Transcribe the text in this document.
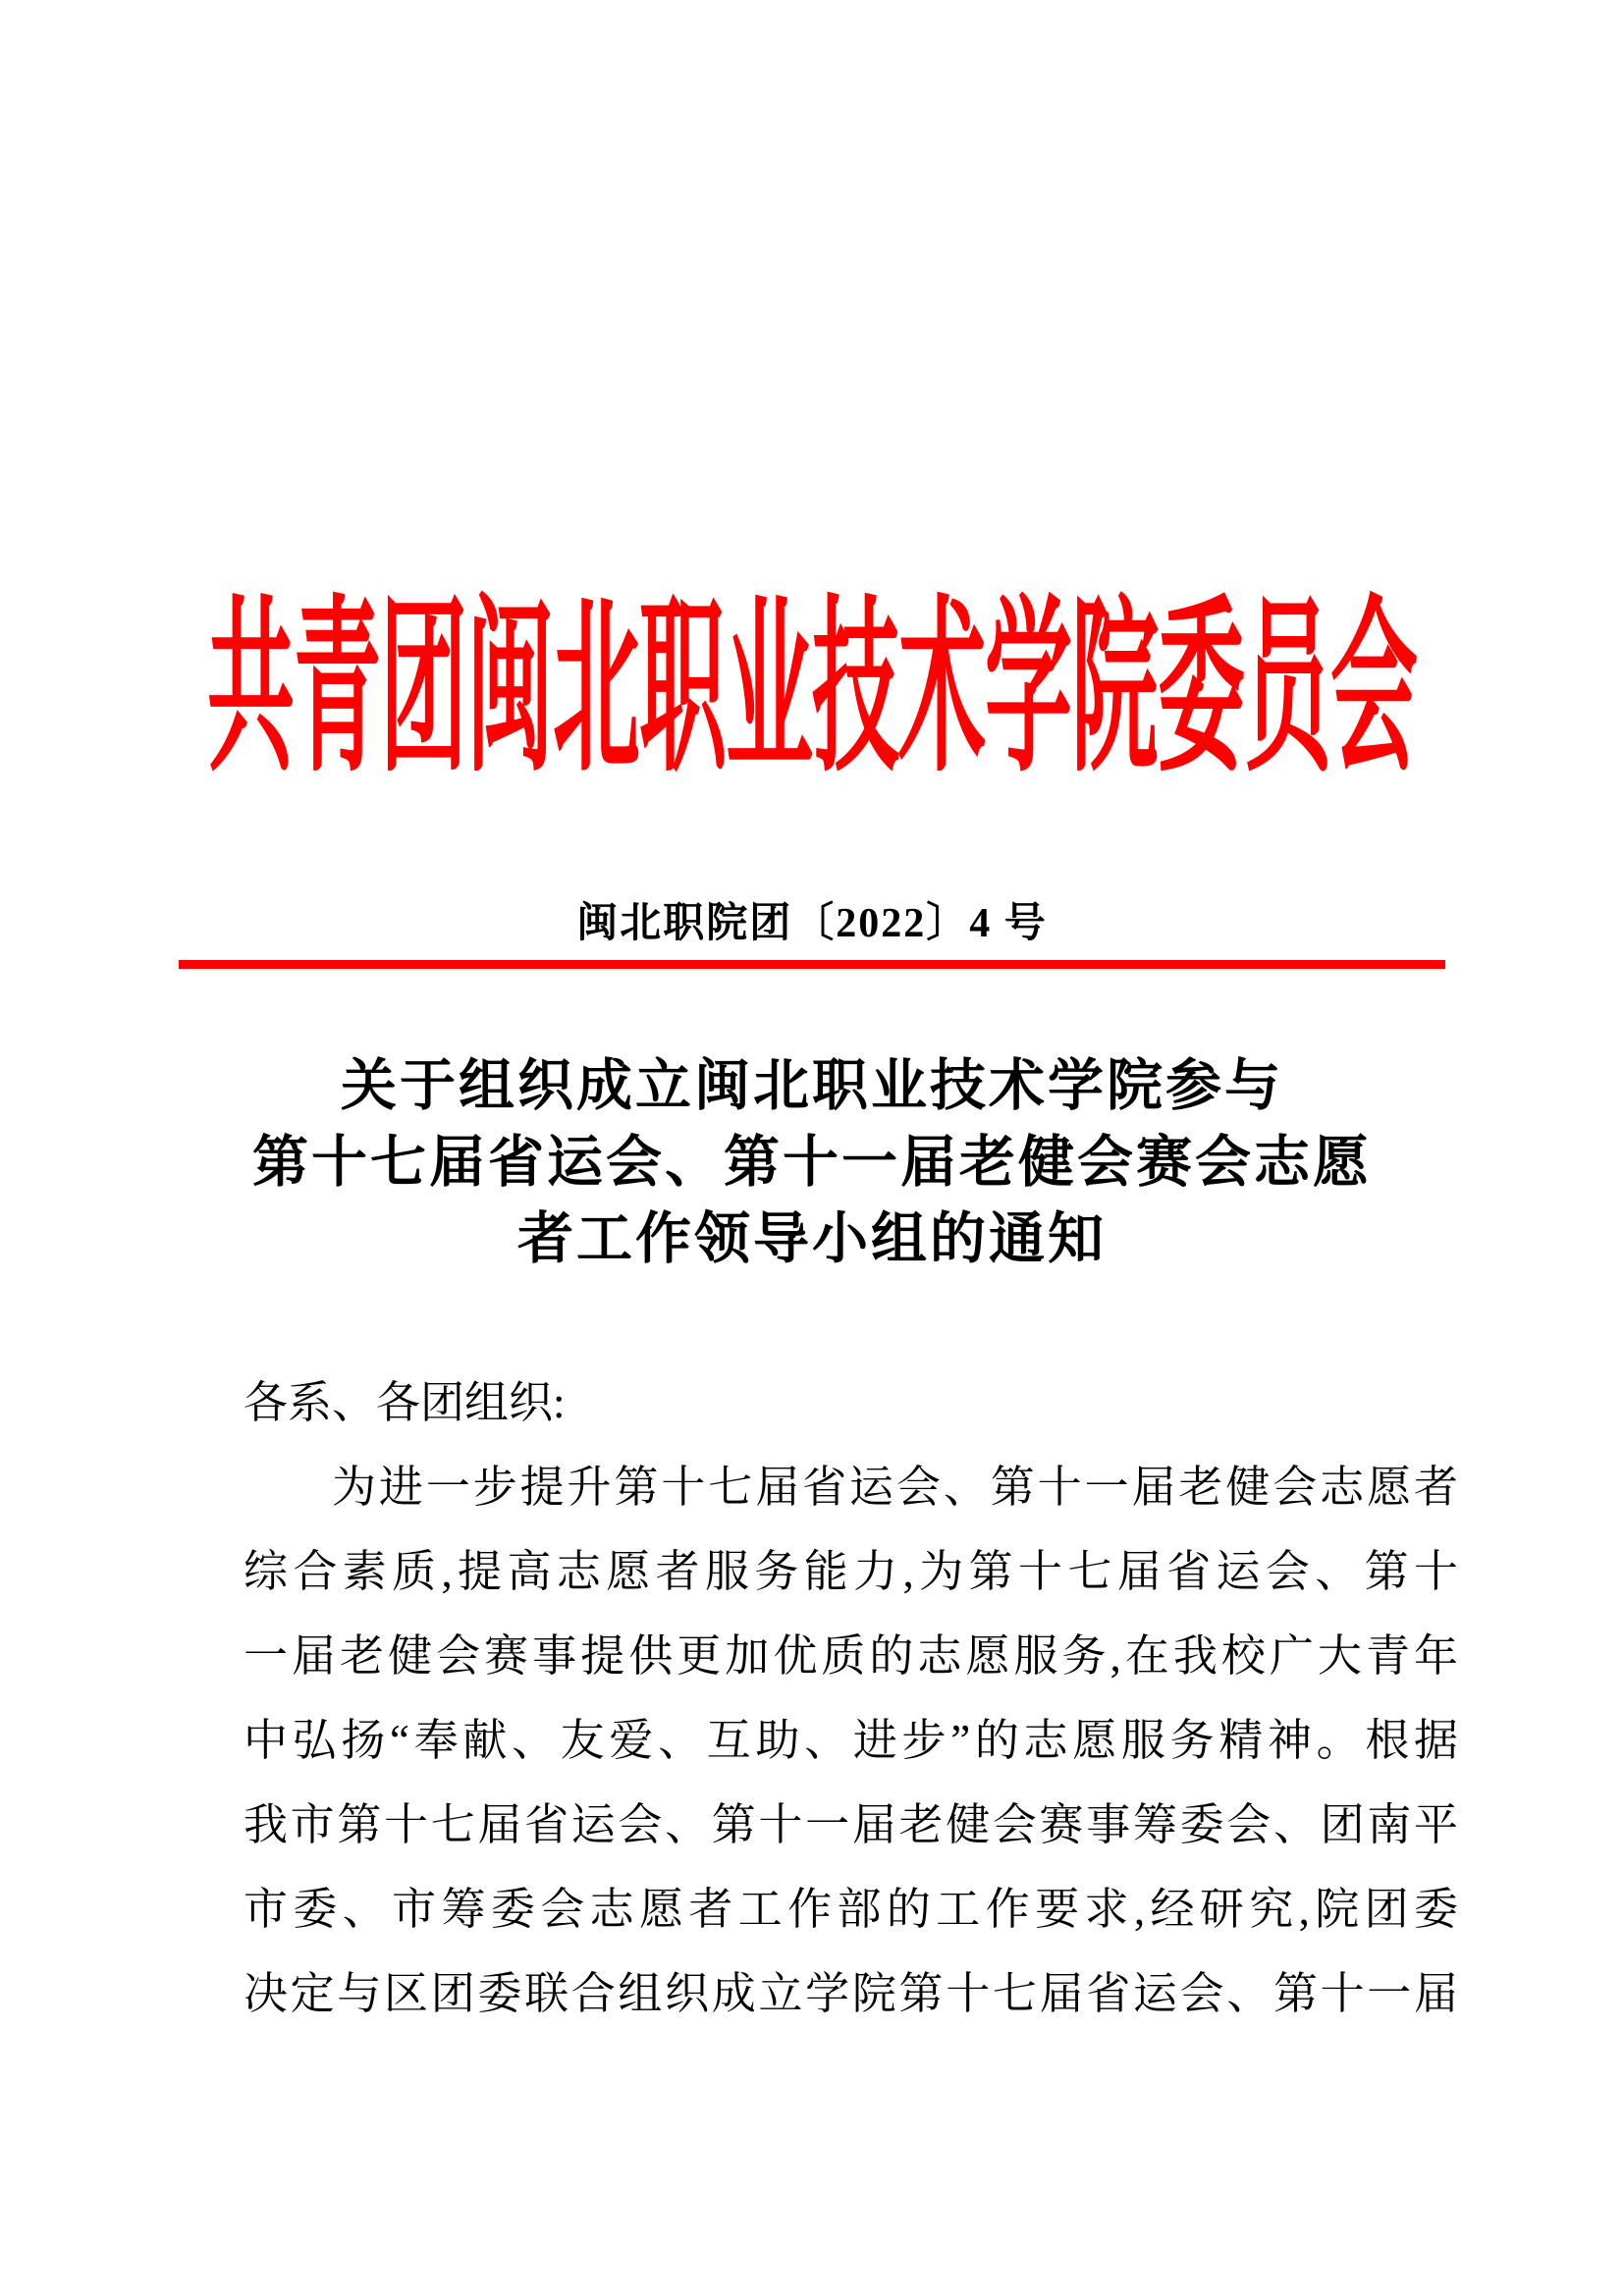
共青团闽北职业技术学院委员会
闽北职院团〔2022〕4 号
关于组织成立闽北职业技术学院参与
第十七届省运会、第十一届老健会赛会志愿
者工作领导小组的通知
各系、各团组织:
为进一步提升第十七届省运会、第十一届老健会志愿者
综合素质,提高志愿者服务能力,为第十七届省运会、第十
一届老健会赛事提供更加优质的志愿服务,在我校广大青年
中弘扬“奉献、友爱、互助、进步”的志愿服务精神。根据
我市第十七届省运会、第十一届老健会赛事筹委会、团南平
市委、市筹委会志愿者工作部的工作要求,经研究,院团委
决定与区团委联合组织成立学院第十七届省运会、第十一届
